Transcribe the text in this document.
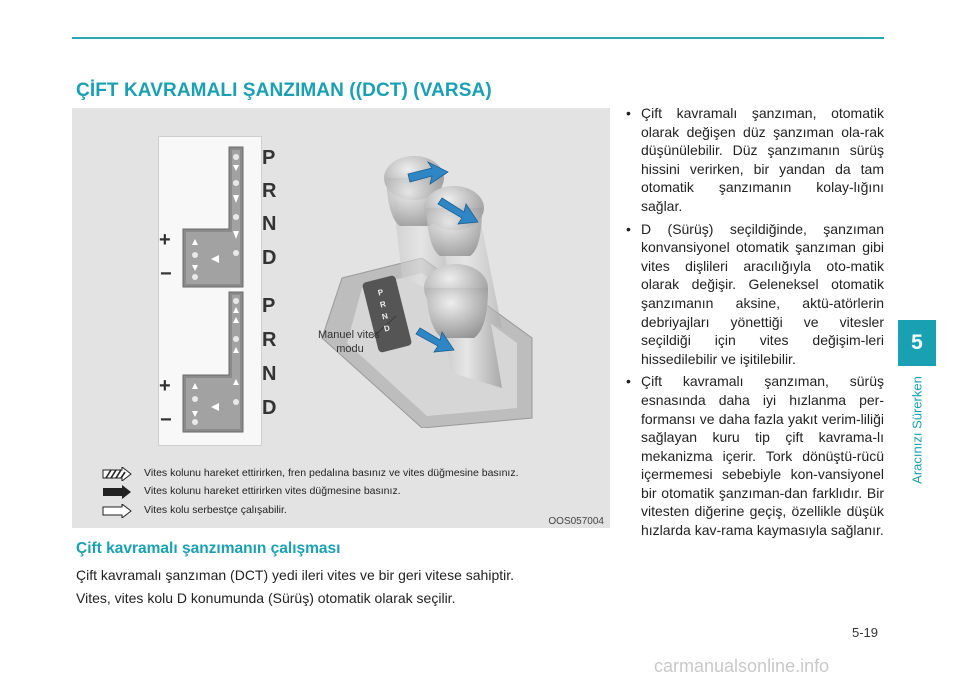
ÇİFT KAVRAMALI ŞANZIMAN ((DCT) (VARSA)
P
R
N
D
P
R
N
D
+
−
+
−
P
R
N
D
Manuel vites
modu
Vites kolunu hareket ettirirken, fren pedalına basınız ve vites düğmesine basınız.
Vites kolunu hareket ettirirken vites düğmesine basınız.
Vites kolu serbestçe çalışabilir.
OOS057004
Çift kavramalı şanzımanın çalışması
Çift kavramalı şanzıman (DCT) yedi ileri vites ve bir geri vitese sahiptir.
Vites, vites kolu D konumunda (Sürüş) otomatik olarak seçilir.
• Çift kavramalı şanzıman, otomatik olarak değişen düz şanzıman ola-rak düşünülebilir. Düz şanzımanın sürüş hissini verirken, bir yandan da tam otomatik şanzımanın kolay-lığını sağlar.
• D (Sürüş) seçildiğinde, şanzıman konvansiyonel otomatik şanzıman gibi vites dişlileri aracılığıyla oto-matik olarak değişir. Geleneksel otomatik şanzımanın aksine, aktü-atörlerin debriyajları yönettiği ve vitesler seçildiği için vites değişim-leri hissedilebilir ve işitilebilir.
• Çift kavramalı şanzıman, sürüş esnasında daha iyi hızlanma per-formansı ve daha fazla yakıt verim-liliği sağlayan kuru tip çift kavrama-lı mekanizma içerir. Tork dönüştü-rücü içermemesi sebebiyle kon-vansiyonel bir otomatik şanzıman-dan farklıdır. Bir vitesten diğerine geçiş, özellikle düşük hızlarda kav-rama kaymasıyla sağlanır.
5
Aracınızı Sürerken
5-19
carmanualsonline.info
